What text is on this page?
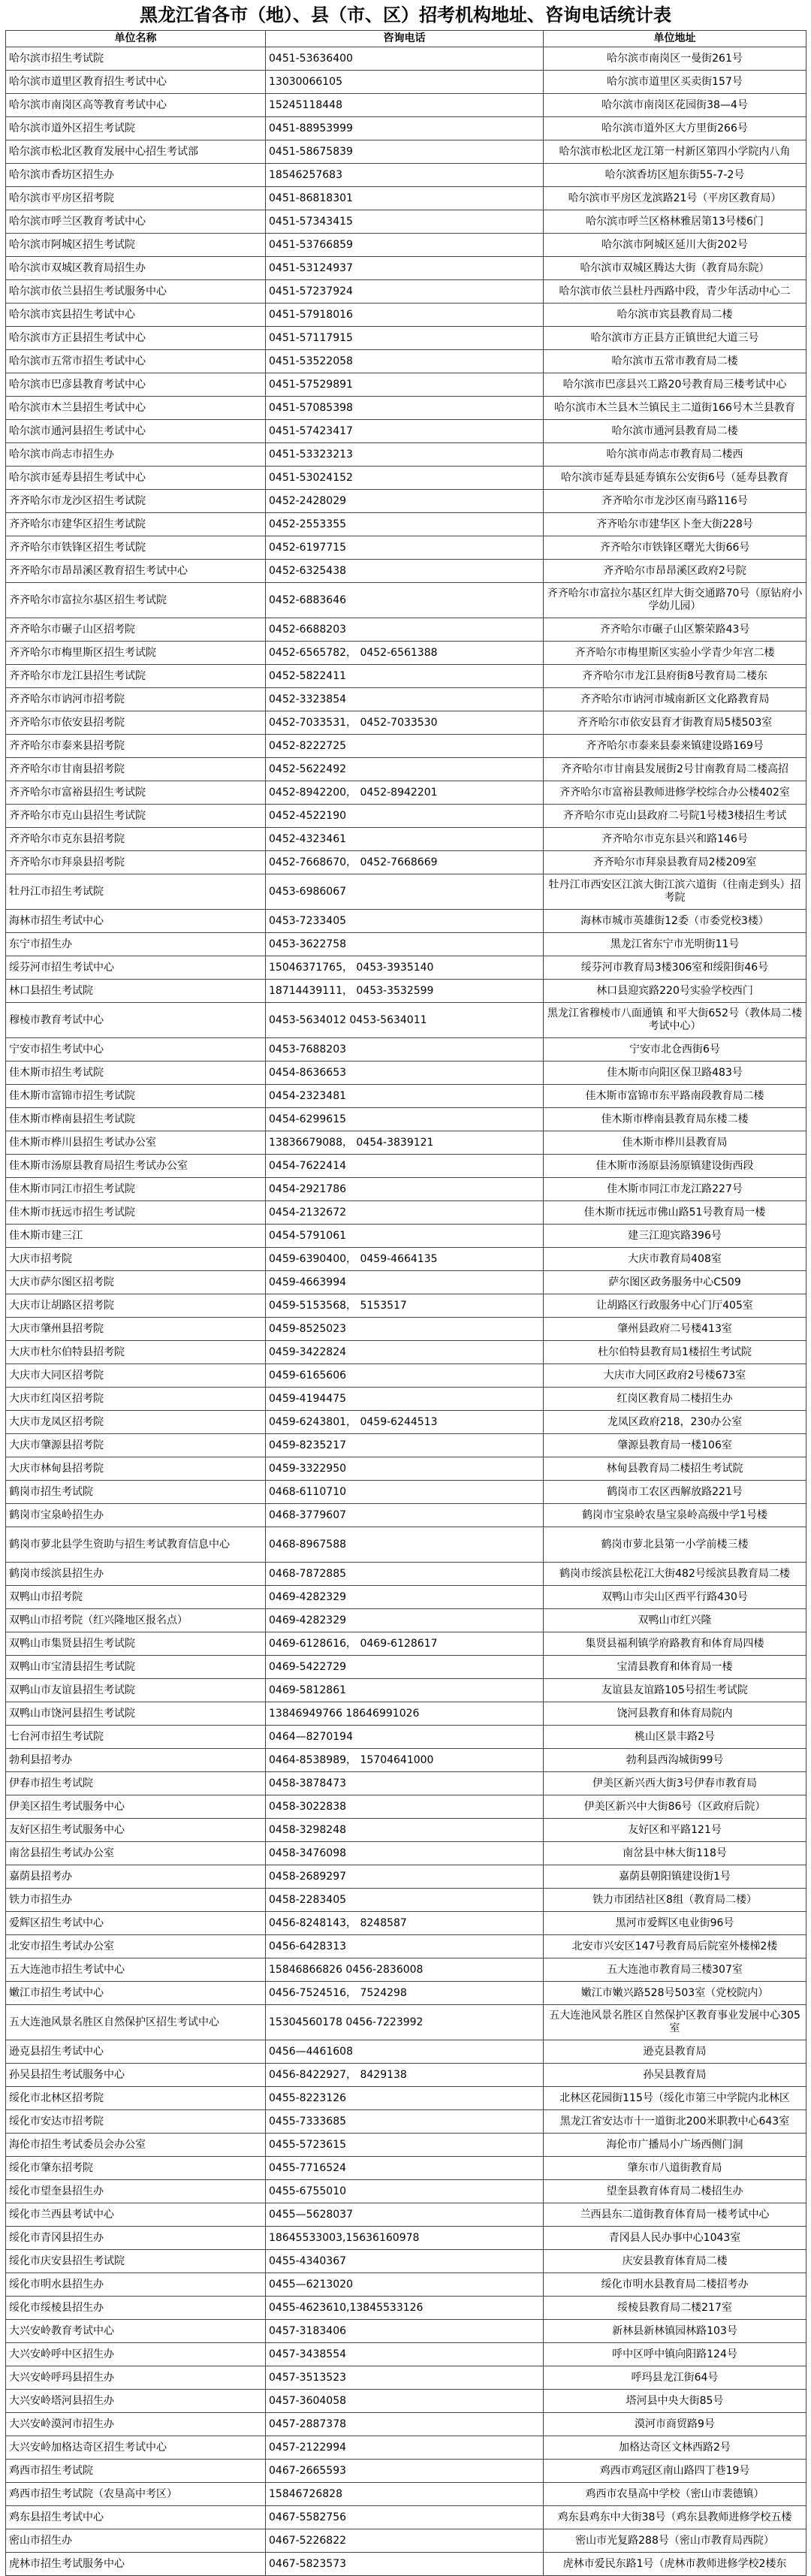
黑龙江省各市（地）、县（市、区）招考机构地址、咨询电话统计表
单位名称	咨询电话	单位地址
哈尔滨市招生考试院	0451-53636400	哈尔滨市南岗区一曼街261号
哈尔滨市道里区教育招生考试中心	13030066105	哈尔滨市道里区买卖街157号
哈尔滨市南岗区高等教育考试中心	15245118448	哈尔滨市南岗区花园街38—4号
哈尔滨市道外区招生考试院	0451-88953999	哈尔滨市道外区大方里街266号
哈尔滨市松北区教育发展中心招生考试部	0451-58675839	哈尔滨市松北区龙江第一村新区第四小学院内八角
哈尔滨市香坊区招生办	18546257683	哈尔滨香坊区旭东街55-7-2号
哈尔滨市平房区招考院	0451-86818301	哈尔滨市平房区龙滨路21号（平房区教育局）
哈尔滨市呼兰区教育考试中心	0451-57343415	哈尔滨市呼兰区格林雅居第13号楼6门
哈尔滨市阿城区招生考试院	0451-53766859	哈尔滨市阿城区延川大街202号
哈尔滨市双城区教育局招生办	0451-53124937	哈尔滨市双城区腾达大街（教育局东院）
哈尔滨市依兰县招生考试服务中心	0451-57237924	哈尔滨市依兰县杜丹西路中段，青少年活动中心二
哈尔滨市宾县招生考试中心	0451-57918016	哈尔滨市宾县教育局二楼
哈尔滨市方正县招生考试中心	0451-57117915	哈尔滨市方正县方正镇世纪大道三号
哈尔滨市五常市招生考试中心	0451-53522058	哈尔滨市五常市教育局二楼
哈尔滨市巴彦县教育考试中心	0451-57529891	哈尔滨市巴彦县兴工路20号教育局三楼考试中心
哈尔滨市木兰县招生考试中心	0451-57085398	哈尔滨市木兰县木兰镇民主二道街166号木兰县教育
哈尔滨市通河县招生考试中心	0451-57423417	哈尔滨市通河县教育局二楼
哈尔滨市尚志市招生办	0451-53323213	哈尔滨市尚志市教育局二楼西
哈尔滨市延寿县招生考试中心	0451-53024152	哈尔滨市延寿县延寿镇东公安街6号（延寿县教育
齐齐哈尔市龙沙区招生考试院	0452-2428029	齐齐哈尔市龙沙区南马路116号
齐齐哈尔市建华区招生考试院	0452-2553355	齐齐哈尔市建华区卜奎大街228号
齐齐哈尔市铁锋区招生考试院	0452-6197715	齐齐哈尔市铁锋区曙光大街66号
齐齐哈尔市昂昂溪区教育招生考试中心	0452-6325438	齐齐哈尔市昂昂溪区政府2号院
齐齐哈尔市富拉尔基区招生考试院	0452-6883646	齐齐哈尔市富拉尔基区红岸大街交通路70号（原钻府小学幼儿园）
齐齐哈尔市碾子山区招考院	0452-6688203	齐齐哈尔市碾子山区繁荣路43号
齐齐哈尔市梅里斯区招生考试院	0452-6565782， 0452-6561388	齐齐哈尔市梅里斯区实验小学青少年宫二楼
齐齐哈尔市龙江县招生考试院	0452-5822411	齐齐哈尔市龙江县府街8号教育局二楼东
齐齐哈尔市讷河市招考院	0452-3323854	齐齐哈尔市讷河市城南新区文化路教育局
齐齐哈尔市依安县招考院	0452-7033531， 0452-7033530	齐齐哈尔市依安县育才街教育局5楼503室
齐齐哈尔市泰来县招考院	0452-8222725	齐齐哈尔市泰来县泰来镇建设路169号
齐齐哈尔市甘南县招考院	0452-5622492	齐齐哈尔市甘南县发展街2号甘南教育局二楼高招
齐齐哈尔市富裕县招生考试院	0452-8942200， 0452-8942201	齐齐哈尔市富裕县教师进修学校综合办公楼402室
齐齐哈尔市克山县招生考试院	0452-4522190	齐齐哈尔市克山县政府二号院1号楼3楼招生考试
齐齐哈尔市克东县招考院	0452-4323461	齐齐哈尔市克东县兴和路146号
齐齐哈尔市拜泉县招考院	0452-7668670， 0452-7668669	齐齐哈尔市拜泉县教育局2楼209室
牡丹江市招生考试院	0453-6986067	牡丹江市西安区江滨大街江滨六道街（往南走到头）招考院
海林市招生考试中心	0453-7233405	海林市城市英雄街12委（市委党校3楼）
东宁市招生办	0453-3622758	黑龙江省东宁市光明街11号
绥芬河市招生考试中心	15046371765， 0453-3935140	绥芬河市教育局3楼306室和绥阳街46号
林口县招生考试院	18714439111， 0453-3532599	林口县迎宾路220号实验学校西门
穆棱市教育考试中心	0453-5634012 0453-5634011	黑龙江省穆棱市八面通镇 和平大街652号（教体局二楼 考试中心）
宁安市招生考试中心	0453-7688203	宁安市北仓西街6号
佳木斯市招生考试院	0454-8636653	佳木斯市向阳区保卫路483号
佳木斯市富锦市招生考试院	0454-2323481	佳木斯市富锦市东平路南段教育局二楼
佳木斯市桦南县招生考试院	0454-6299615	佳木斯市桦南县教育局东楼二楼
佳木斯市桦川县招生考试办公室	13836679088， 0454-3839121	佳木斯市桦川县教育局
佳木斯市汤原县教育局招生考试办公室	0454-7622414	佳木斯市汤原县汤原镇建设街西段
佳木斯市同江市招生考试院	0454-2921786	佳木斯市同江市龙江路227号
佳木斯市抚远市招生考试院	0454-2132672	佳木斯市抚远市佛山路51号教育局一楼
佳木斯市建三江	0454-5791061	建三江迎宾路396号
大庆市招考院	0459-6390400， 0459-4664135	大庆市教育局408室
大庆市萨尔图区招考院	0459-4663994	萨尔图区政务服务中心C509
大庆市让胡路区招考院	0459-5153568， 5153517	让胡路区行政服务中心门厅405室
大庆市肇州县招考院	0459-8525023	肇州县政府二号楼413室
大庆市杜尔伯特县招考院	0459-3422824	杜尔伯特县教育局1楼招生考试院
大庆市大同区招考院	0459-6165606	大庆市大同区政府2号楼673室
大庆市红岗区招考院	0459-4194475	红岗区教育局二楼招生办
大庆市龙凤区招考院	0459-6243801， 0459-6244513	龙凤区政府218，230办公室
大庆市肇源县招考院	0459-8235217	肇源县教育局一楼106室
大庆市林甸县招考院	0459-3322950	林甸县教育局二楼招生考试院
鹤岗市招生考试院	0468-6110710	鹤岗市工农区西解放路221号
鹤岗市宝泉岭招生办	0468-3779607	鹤岗市宝泉岭农垦宝泉岭高级中学1号楼
鹤岗市萝北县学生资助与招生考试教育信息中心	0468-8967588	鹤岗市萝北县第一小学前楼三楼
鹤岗市绥滨县招生办	0468-7872885	鹤岗市绥滨县松花江大街482号绥滨县教育局二楼
双鸭山市招考院	0469-4282329	双鸭山市尖山区西平行路430号
双鸭山市招考院（红兴隆地区报名点）	0469-4282329	双鸭山市红兴隆
双鸭山市集贤县招生考试院	0469-6128616， 0469-6128617	集贤县福利镇学府路教育和体育局四楼
双鸭山市宝清县招生考试院	0469-5422729	宝清县教育和体育局一楼
双鸭山市友谊县招生考试院	0469-5812861	友谊县友谊路105号招生考试院
双鸭山市饶河县招生考试院	13846949766 18646991026	饶河县教育和体育局院内
七台河市招生考试院	0464—8270194	桃山区景丰路2号
勃利县招考办	0464-8538989， 15704641000	勃利县西沟城街99号
伊春市招生考试院	0458-3878473	伊美区新兴西大街3号伊春市教育局
伊美区招生考试服务中心	0458-3022838	伊美区新兴中大街86号（区政府后院）
友好区招生考试服务中心	0458-3298248	友好区和平路121号
南岔县招生考试办公室	0458-3476098	南岔县中林大街118号
嘉荫县招考办	0458-2689297	嘉荫县朝阳镇建设街1号
铁力市招生办	0458-2283405	铁力市团结社区8组（教育局二楼）
爱辉区招生考试中心	0456-8248143， 8248587	黑河市爱辉区电业街96号
北安市招生考试办公室	0456-6428313	北安市兴安区147号教育局后院室外楼梯2楼
五大连池市招生考试中心	15846866826 0456-2836008	五大连池市教育局三楼307室
嫩江市招生考试中心	0456-7524516， 7524298	嫩江市嫩兴路528号503室（党校院内）
五大连池风景名胜区自然保护区招生考试中心	15304560178 0456-7223992	五大连池风景名胜区自然保护区教育事业发展中心305室
逊克县招生考试中心	0456—4461608	逊克县教育局
孙吴县招生考试服务中心	0456-8422927， 8429138	孙吴县教育局
绥化市北林区招考院	0455-8223126	北林区花园街115号（绥化市第三中学院内北林区
绥化市安达市招考院	0455-7333685	黑龙江省安达市十一道街北200米职教中心643室
海伦市招生考试委员会办公室	0455-5723615	海伦市广播局小广场西侧门洞
绥化市肇东招考院	0455-7716524	肇东市八道街教育局
绥化市望奎县招生办	0455-6755010	望奎县教育体育局二楼招生办
绥化市兰西县考试中心	0455—5628037	兰西县东二道街教育体育局一楼考试中心
绥化市青冈县招生办	18645533003,15636160978	青冈县人民办事中心1043室
绥化市庆安县招生考试院	0455-4340367	庆安县教育体育局二楼
绥化市明水县招生办	0455—6213020	绥化市明水县教育局二楼招考办
绥化市绥棱县招生办	0455-4623610,13845533126	绥棱县教育局二楼217室
大兴安岭教育考试中心	0457-3183406	新林县新林镇园林路103号
大兴安岭呼中区招生办	0457-3438554	呼中区呼中镇向阳路124号
大兴安岭呼玛县招生办	0457-3513523	呼玛县龙江街64号
大兴安岭塔河县招生办	0457-3604058	塔河县中央大街85号
大兴安岭漠河市招生办	0457-2887378	漠河市商贸路9号
大兴安岭加格达奇区招生考试中心	0457-2122994	加格达奇区文林西路2号
鸡西市招生考试院	0467-2665593	鸡西市鸡冠区南山路四丁巷19号
鸡西市招生考试院（农垦高中考区）	15846726828	鸡西市农垦高中学校（密山市裴德镇）
鸡东县招生考试中心	0467-5582756	鸡东县鸡东中大街38号（鸡东县教师进修学校五楼
密山市招生办	0467-5226822	密山市光复路288号（密山市教育局西院）
虎林市招生考试服务中心	0467-5823573	虎林市爱民东路1号（虎林市教师进修学校2楼东
